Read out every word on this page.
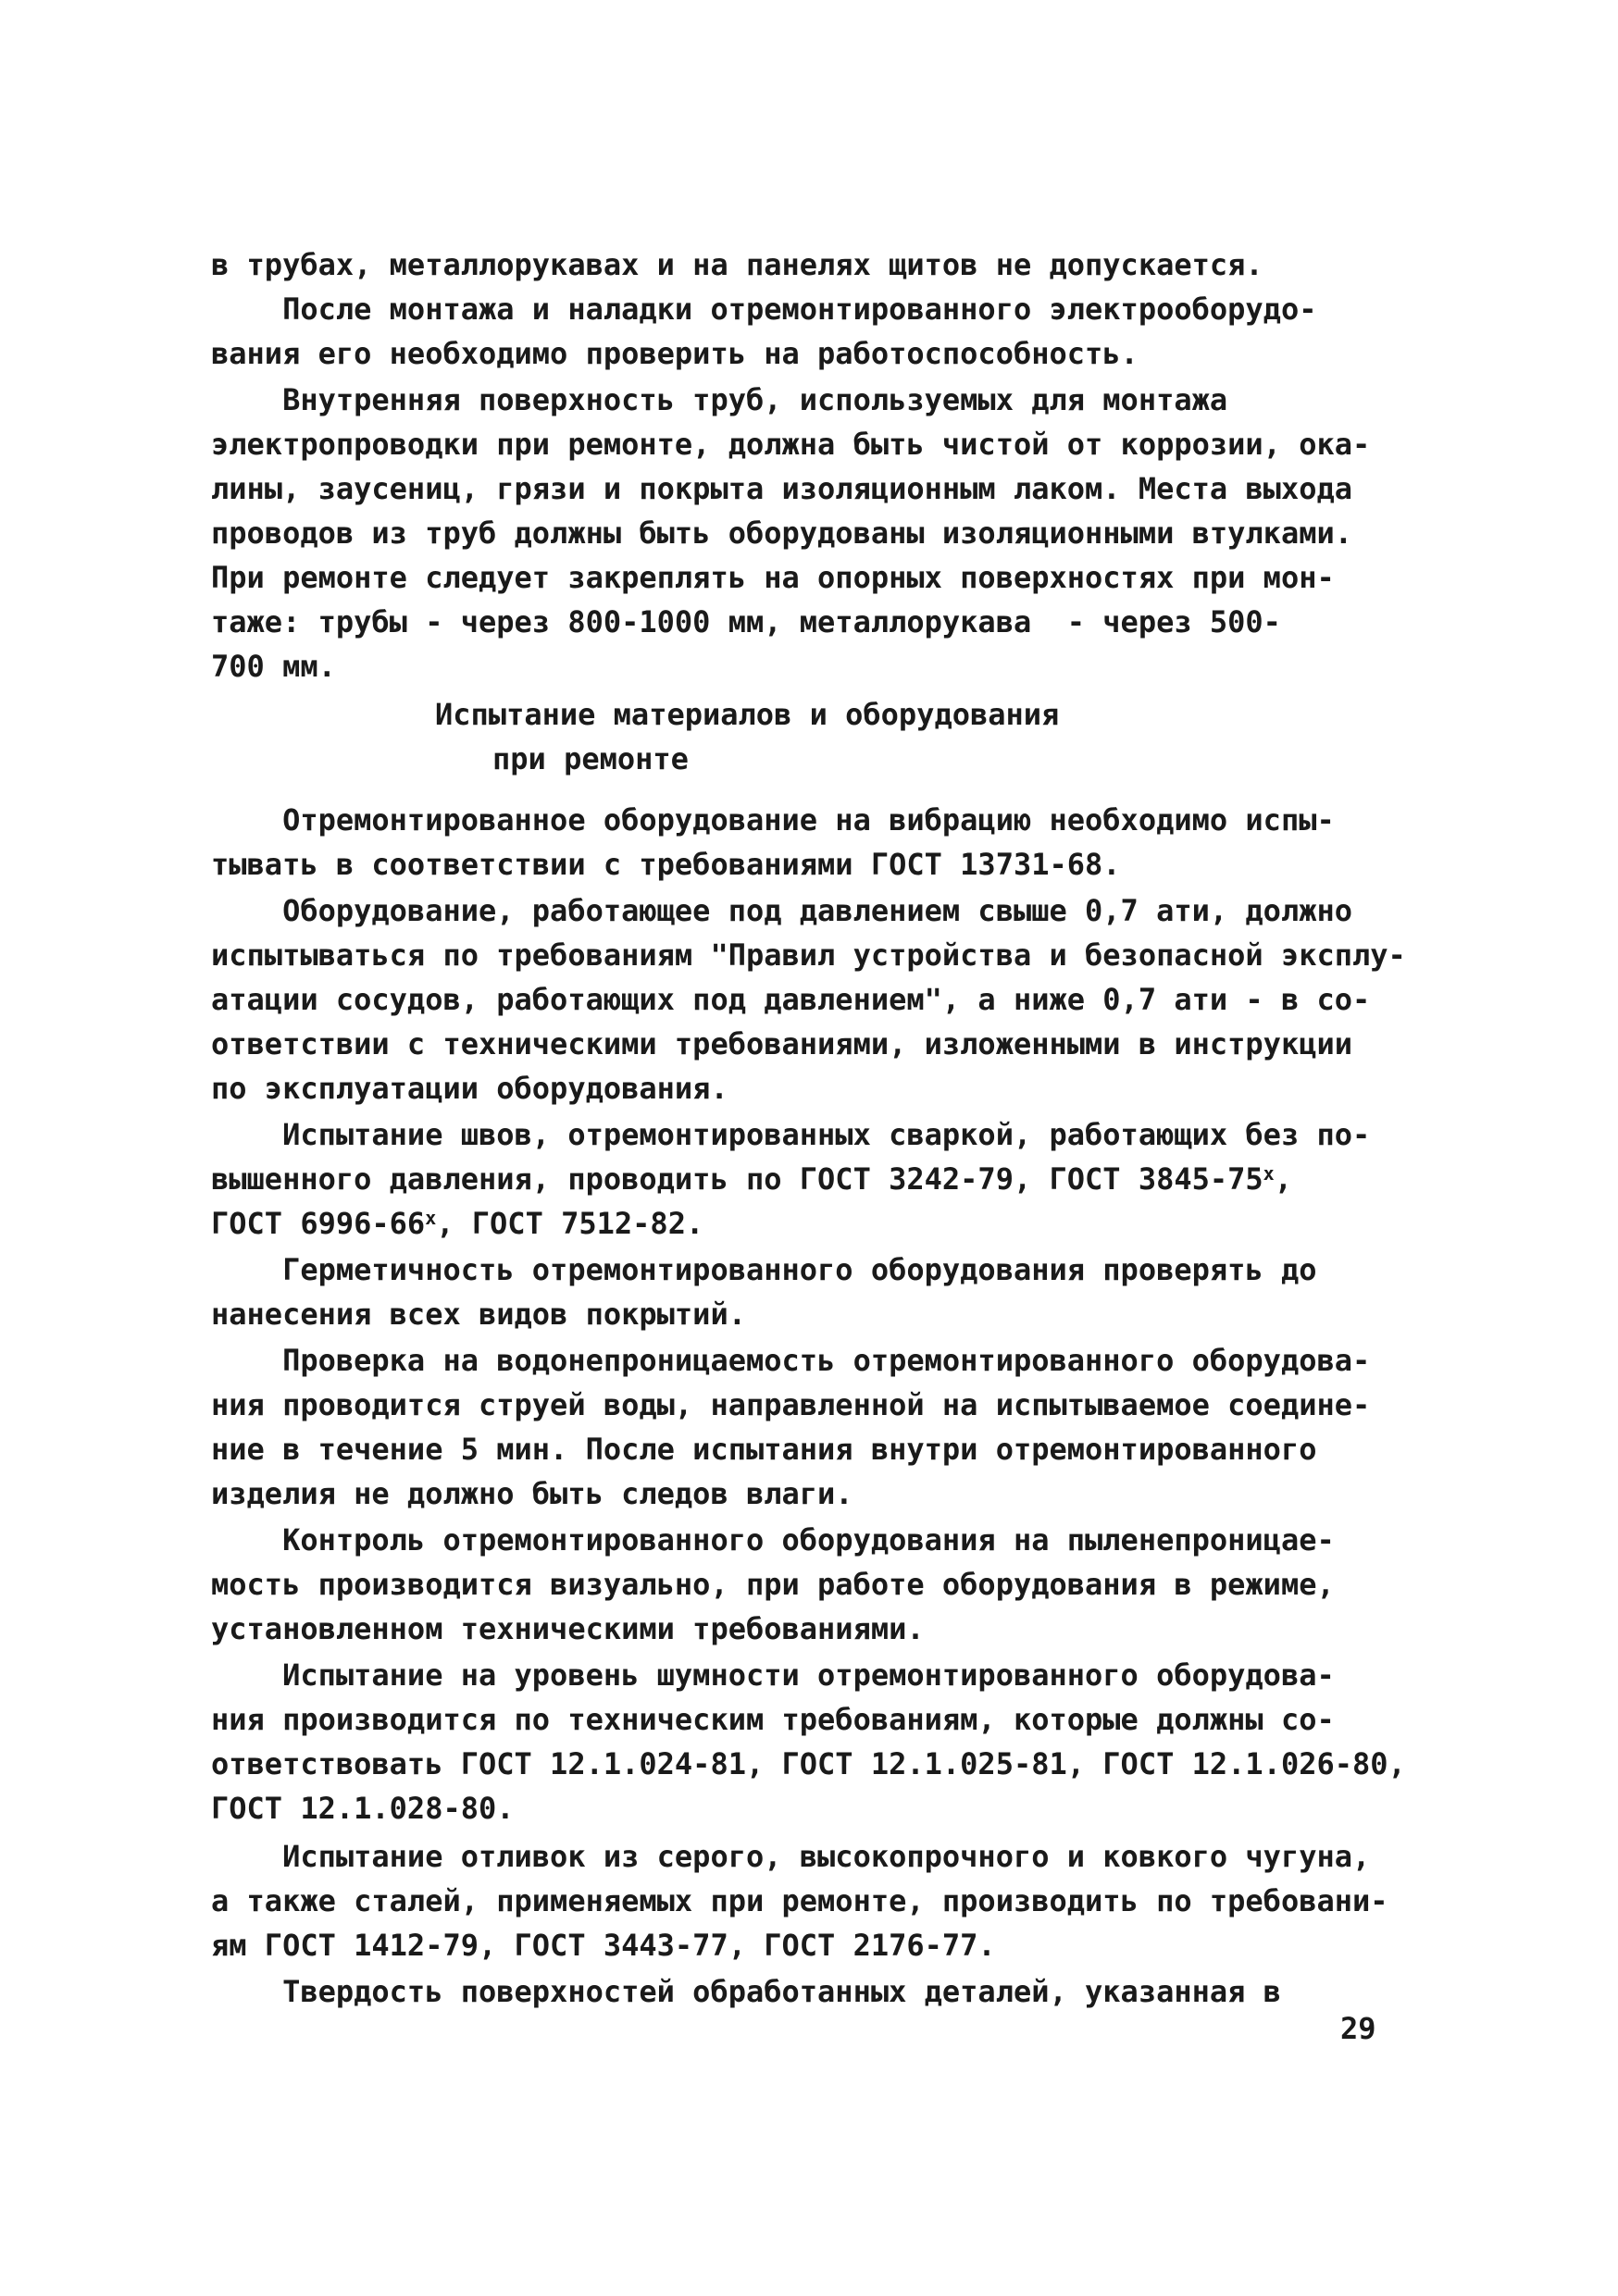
в трубах, металлорукавах и на панелях щитов не допускается.
После монтажа и наладки отремонтированного электрооборудо-
вания его необходимо проверить на работоспособность.
Внутренняя поверхность труб, используемых для монтажа
электропроводки при ремонте, должна быть чистой от коррозии, ока-
лины, заусениц, грязи и покрыта изоляционным лаком. Места выхода
проводов из труб должны быть оборудованы изоляционными втулками.
При ремонте следует закреплять на опорных поверхностях при мон-
таже: трубы - через 800-1000 мм, металлорукава  - через 500-
700 мм.
Испытание материалов и оборудования
при ремонте
Отремонтированное оборудование на вибрацию необходимо испы-
тывать в соответствии с требованиями ГОСТ 13731-68.
Оборудование, работающее под давлением свыше 0,7 ати, должно
испытываться по требованиям "Правил устройства и безопасной эксплу-
атации сосудов, работающих под давлением", а ниже 0,7 ати - в со-
ответствии с техническими требованиями, изложенными в инструкции
по эксплуатации оборудования.
Испытание швов, отремонтированных сваркой, работающих без по-
вышенного давления, проводить по ГОСТ 3242-79, ГОСТ 3845-75$^x$,
ГОСТ 6996-66$^x$, ГОСТ 7512-82.
Герметичность отремонтированного оборудования проверять до
нанесения всех видов покрытий.
Проверка на водонепроницаемость отремонтированного оборудова-
ния проводится струей воды, направленной на испытываемое соедине-
ние в течение 5 мин. После испытания внутри отремонтированного
изделия не должно быть следов влаги.
Контроль отремонтированного оборудования на пыленепроницае-
мость производится визуально, при работе оборудования в режиме,
установленном техническими требованиями.
Испытание на уровень шумности отремонтированного оборудова-
ния производится по техническим требованиям, которые должны со-
ответствовать ГОСТ 12.1.024-81, ГОСТ 12.1.025-81, ГОСТ 12.1.026-80,
ГОСТ 12.1.028-80.
Испытание отливок из серого, высокопрочного и ковкого чугуна,
а также сталей, применяемых при ремонте, производить по требовани-
ям ГОСТ 1412-79, ГОСТ 3443-77, ГОСТ 2176-77.
Твердость поверхностей обработанных деталей, указанная в
29
